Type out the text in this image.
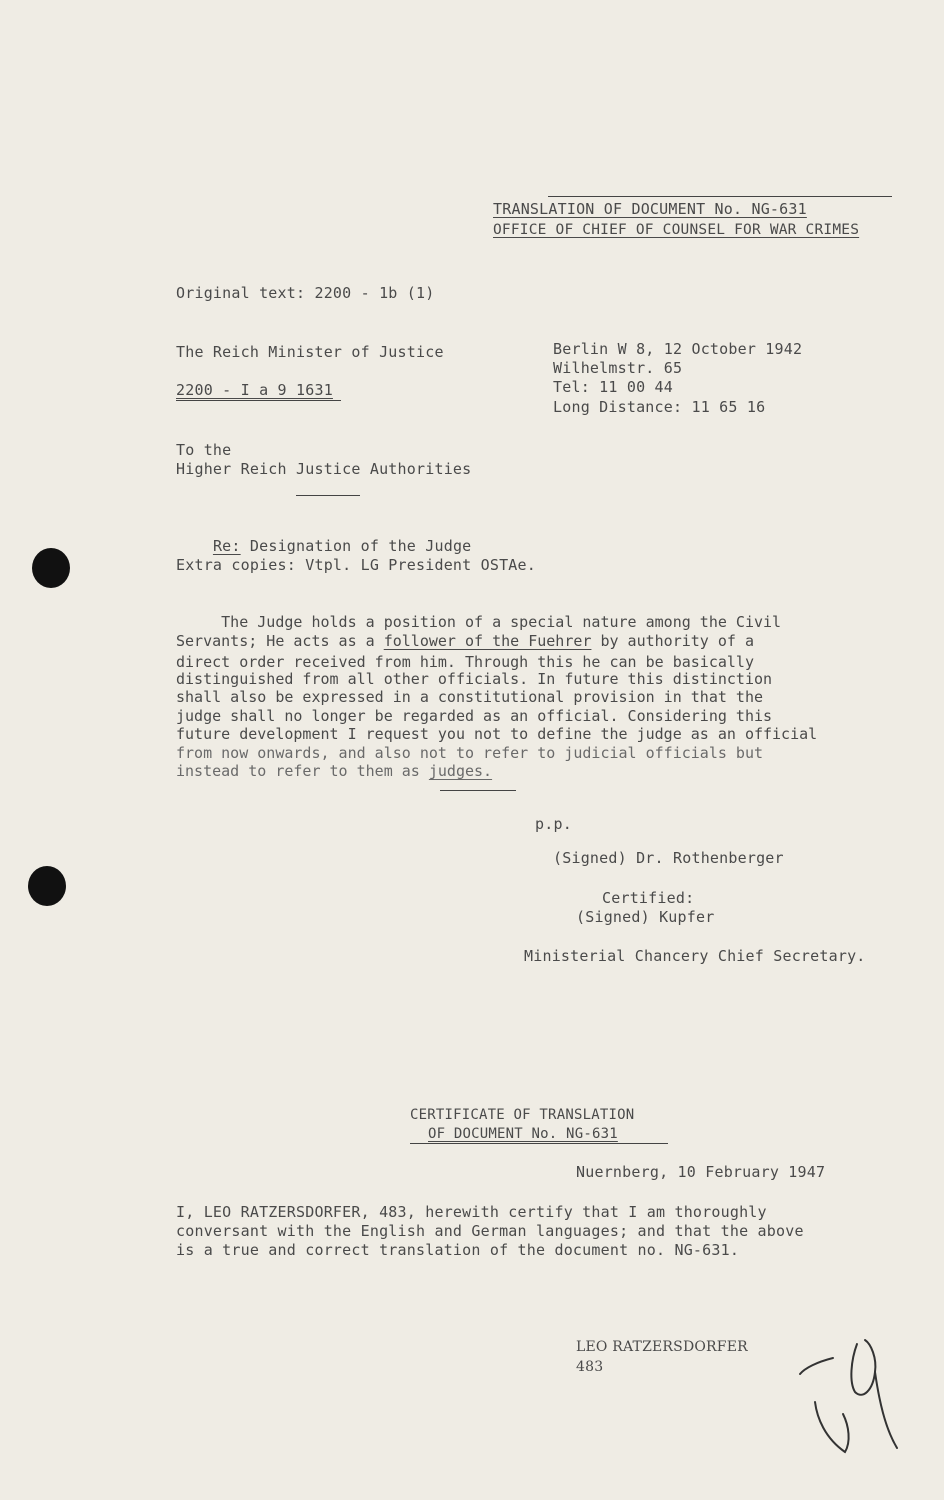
TRANSLATION OF DOCUMENT No. NG-631
OFFICE OF CHIEF OF COUNSEL FOR WAR CRIMES
Original text: 2200 - 1b (1)
The Reich Minister of Justice
2200 - I a 9 1631
Berlin W 8, 12 October 1942
Wilhelmstr. 65
Tel: 11 00 44
Long Distance: 11 65 16
To the
Higher Reich Justice Authorities

Re: Designation of the Judge

Extra copies: Vtpl. LG President OSTAe.
The Judge holds a position of a special nature among the Civil
Servants; He acts as a follower of the Fuehrer by authority of a
direct order received from him. Through this he can be basically
distinguished from all other officials. In future this distinction
shall also be expressed in a constitutional provision in that the
judge shall no longer be regarded as an official. Considering this
future development I request you not to define the judge as an official
from now onwards, and also not to refer to judicial officials but
instead to refer to them as judges.
p.p.
(Signed) Dr. Rothenberger
Certified:
(Signed) Kupfer
Ministerial Chancery Chief Secretary.
CERTIFICATE OF TRANSLATION
OF DOCUMENT No. NG-631
Nuernberg, 10 February 1947
I, LEO RATZERSDORFER, 483, herewith certify that I am thoroughly
conversant with the English and German languages; and that the above
is a true and correct translation of the document no. NG-631.
LEO RATZERSDORFER
483
